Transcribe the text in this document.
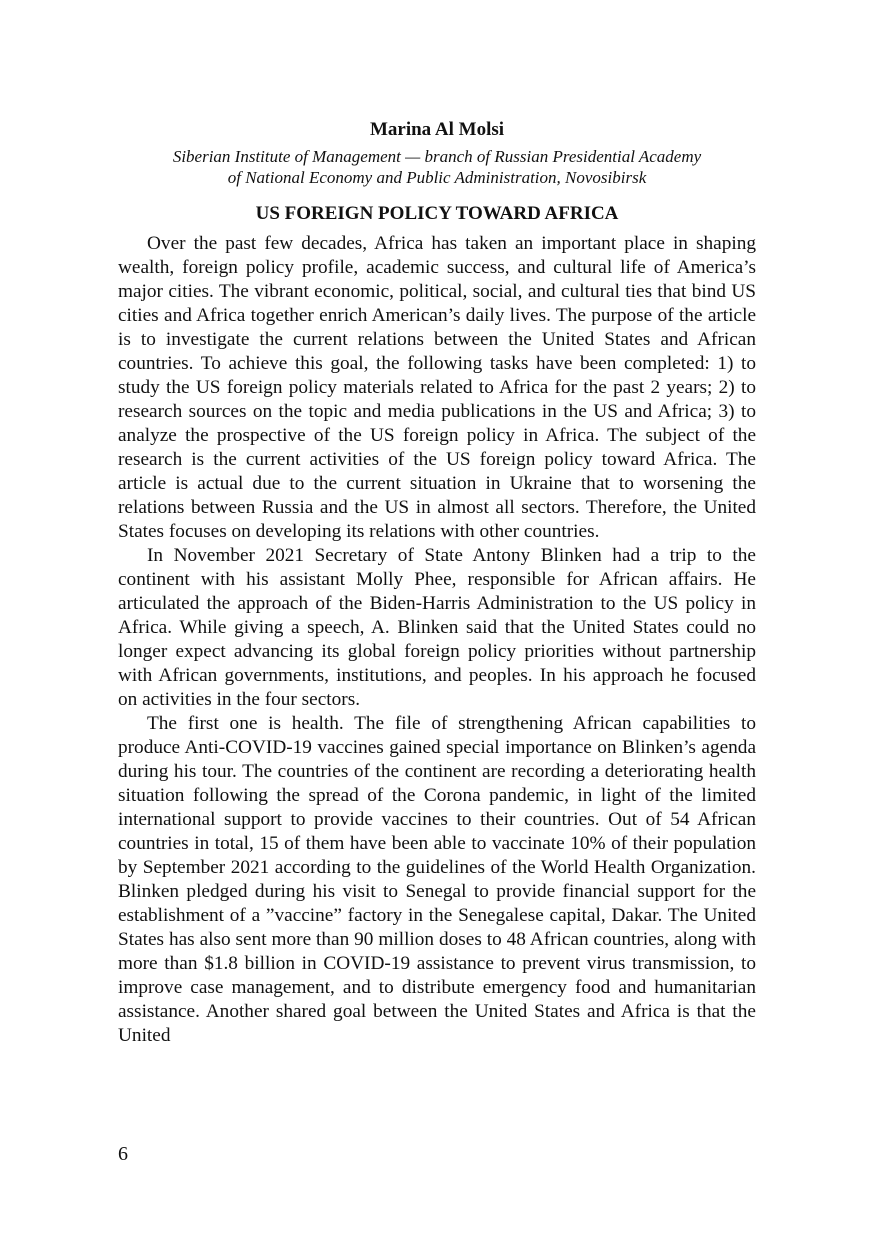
Marina Al Molsi

Siberian Institute of Management — branch of Russian Presidential Academy
of National Economy and Public Administration, Novosibirsk

US FOREIGN POLICY TOWARD AFRICA

Over the past few decades, Africa has taken an important place in shaping wealth, foreign policy profile, academic success, and cultural life of America’s major cities. The vibrant economic, political, social, and cultural ties that bind US cities and Africa together enrich American’s daily lives. The purpose of the article is to investigate the current relations between the United States and African countries. To achieve this goal, the following tasks have been completed: 1) to study the US foreign policy materials related to Africa for the past 2 years; 2) to research sources on the topic and media publications in the US and Africa; 3) to analyze the prospective of the US foreign policy in Africa. The subject of the research is the current activities of the US foreign policy toward Africa. The article is actual due to the current situation in Ukraine that to worsening the relations between Russia and the US in almost all sectors. Therefore, the United States focuses on developing its relations with other countries.

In November 2021 Secretary of State Antony Blinken had a trip to the continent with his assistant Molly Phee, responsible for African affairs. He articulated the approach of the Biden-Harris Administration to the US policy in Africa. While giving a speech, A. Blinken said that the United States could no longer expect advancing its global foreign policy priorities without partnership with African governments, institutions, and peoples. In his approach he focused on activities in the four sectors.

The first one is health. The file of strengthening African capabilities to produce Anti-COVID-19 vaccines gained special importance on Blinken’s agenda during his tour. The countries of the continent are recording a deteriorating health situation following the spread of the Corona pandemic, in light of the limited international support to provide vaccines to their countries. Out of 54 African countries in total, 15 of them have been able to vaccinate 10% of their population by September 2021 according to the guidelines of the World Health Organization. Blinken pledged during his visit to Senegal to provide financial support for the establishment of a ”vaccine” factory in the Senegalese capital, Dakar. The United States has also sent more than 90 million doses to 48 African countries, along with more than $1.8 billion in COVID-19 assistance to prevent virus transmission, to improve case management, and to distribute emergency food and humanitarian assistance. Another shared goal between the United States and Africa is that the United

6
